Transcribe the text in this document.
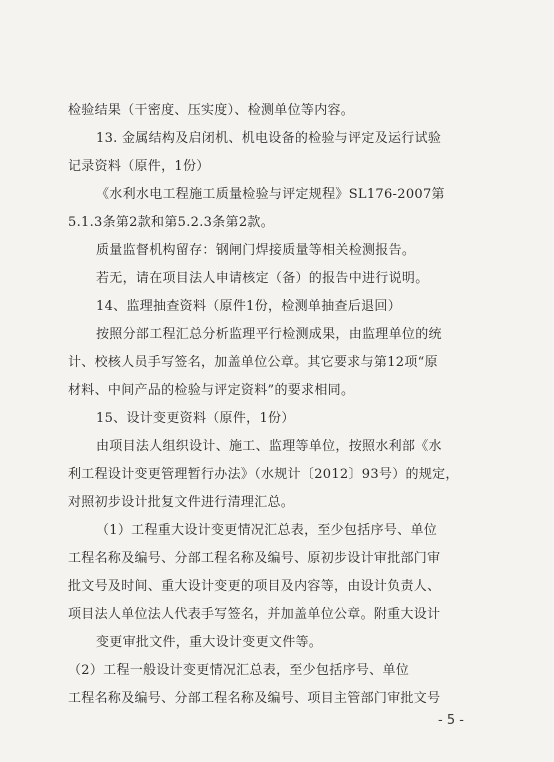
检验结果（干密度、压实度）、检测单位等内容。
13. 金属结构及启闭机、机电设备的检验与评定及运行试验
记录资料（原件，1份）
《水利水电工程施工质量检验与评定规程》SL176-2007第
5.1.3条第2款和第5.2.3条第2款。
质量监督机构留存：钢闸门焊接质量等相关检测报告。
若无，请在项目法人申请核定（备）的报告中进行说明。
14、监理抽查资料（原件1份，检测单抽查后退回）
按照分部工程汇总分析监理平行检测成果，由监理单位的统
计、校核人员手写签名，加盖单位公章。其它要求与第12项“原
材料、中间产品的检验与评定资料”的要求相同。
15、设计变更资料（原件，1份）
由项目法人组织设计、施工、监理等单位，按照水利部《水
利工程设计变更管理暂行办法》（水规计〔2012〕93号）的规定，
对照初步设计批复文件进行清理汇总。
（1）工程重大设计变更情况汇总表，至少包括序号、单位
工程名称及编号、分部工程名称及编号、原初步设计审批部门审
批文号及时间、重大设计变更的项目及内容等，由设计负责人、
项目法人单位法人代表手写签名，并加盖单位公章。附重大设计
变更审批文件，重大设计变更文件等。
（2）工程一般设计变更情况汇总表，至少包括序号、单位
工程名称及编号、分部工程名称及编号、项目主管部门审批文号
- 5 -
